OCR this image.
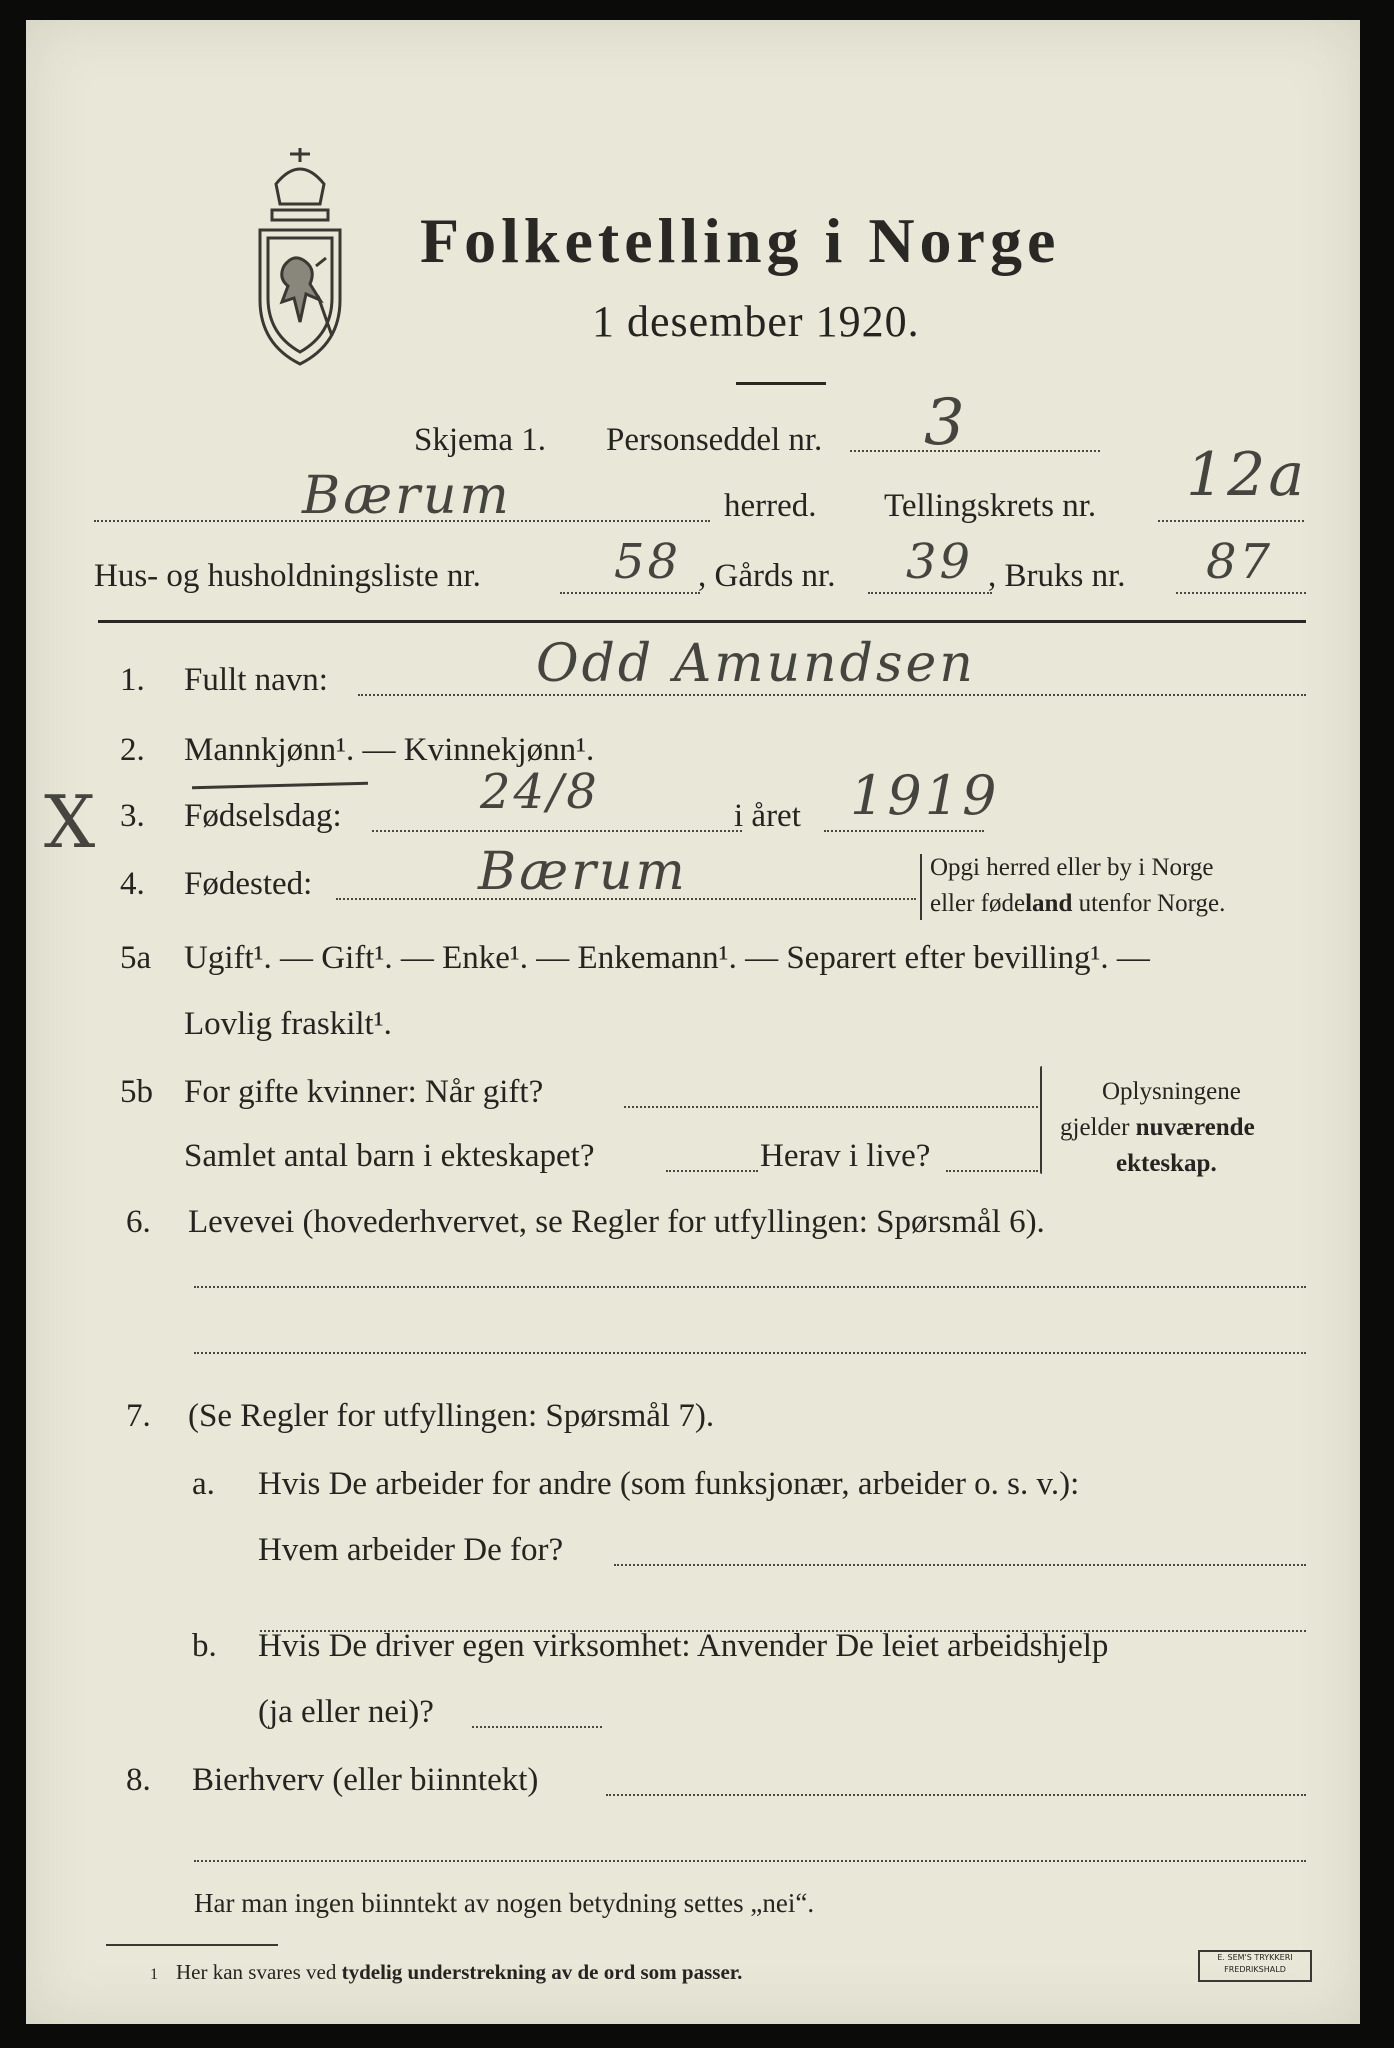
Folketelling i Norge
1 desember 1920.
Skjema 1. Personseddel nr. 3
Bærum	herred. Tellingskrets nr. 12a
Hus- og husholdningsliste nr.	58 , Gårds nr. 39 , Bruks nr. 87
1. Fullt navn:	Odd Amundsen
2. Mannkjønn¹. — Kvinnekjønn¹.
X 3. Fødselsdag:	24/8	i året 1919
4. Fødested:	Bærum	Opgi herred eller by i Norge
eller fødeland utenfor Norge.
5a Ugift¹. — Gift¹. — Enke¹. — Enkemann¹. — Separert efter bevilling¹. —
Lovlig fraskilt¹.
5b For gifte kvinner: Når gift?
Samlet antal barn i ekteskapet?	Herav i live?
Oplysningene
gjelder nuværende
ekteskap.
6. Levevei (hovederhvervet, se Regler for utfyllingen: Spørsmål 6).
7. (Se Regler for utfyllingen: Spørsmål 7).
a. Hvis De arbeider for andre (som funksjonær, arbeider o. s. v.):
Hvem arbeider De for?
b. Hvis De driver egen virksomhet: Anvender De leiet arbeidshjelp
(ja eller nei)?
8. Bierhverv (eller biinntekt)
Har man ingen biinntekt av nogen betydning settes „nei“.
1 Her kan svares ved tydelig understrekning av de ord som passer.
E. SEM'S TRYKKERI
FREDRIKSHALD
